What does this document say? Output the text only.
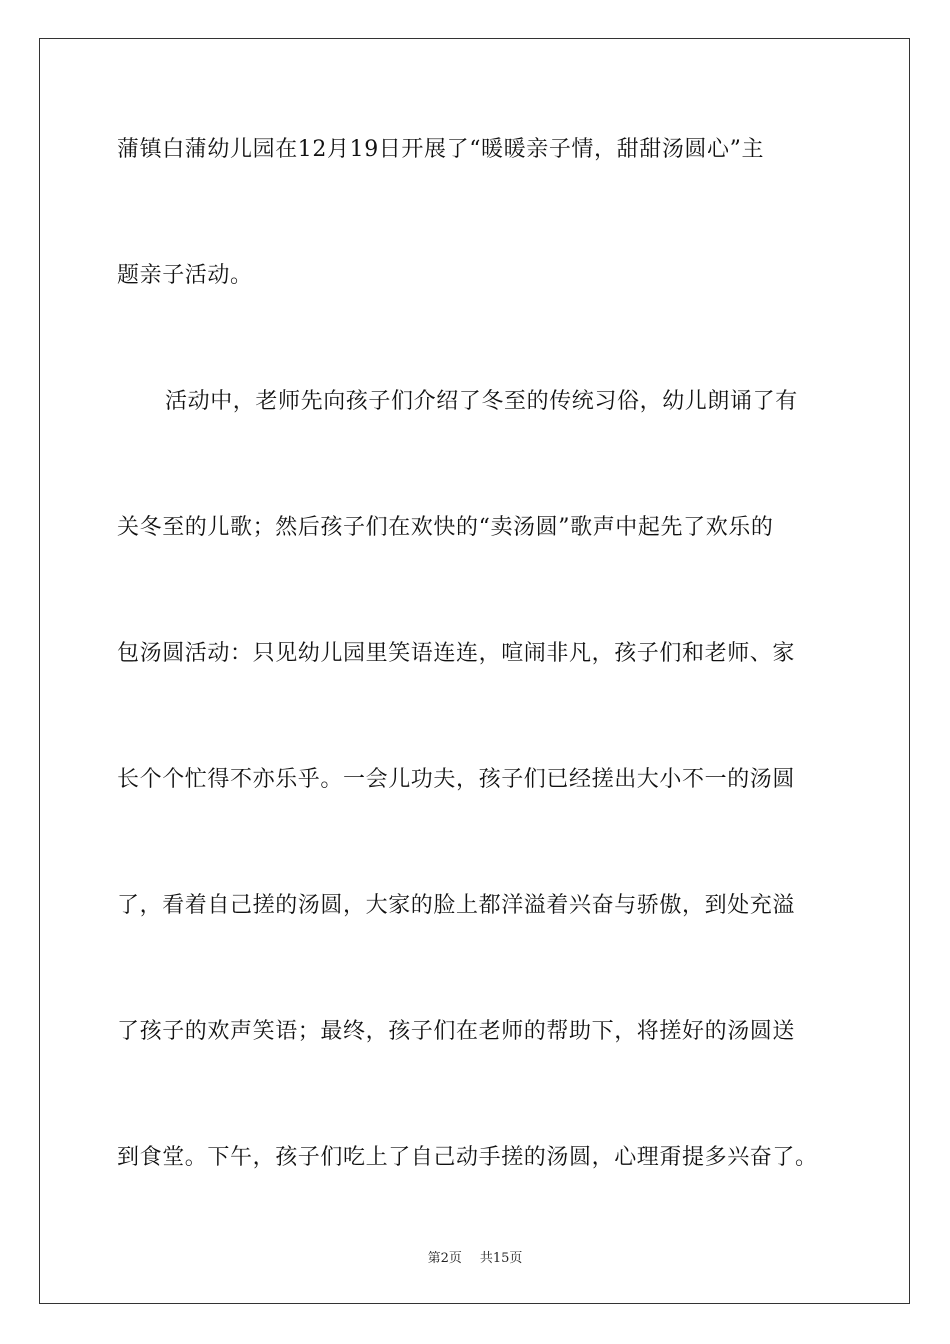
蒲镇白蒲幼儿园在12月19日开展了“暖暖亲子情，甜甜汤圆心”主
题亲子活动。
活动中，老师先向孩子们介绍了冬至的传统习俗，幼儿朗诵了有
关冬至的儿歌；然后孩子们在欢快的“卖汤圆”歌声中起先了欢乐的
包汤圆活动：只见幼儿园里笑语连连，喧闹非凡，孩子们和老师、家
长个个忙得不亦乐乎。一会儿功夫，孩子们已经搓出大小不一的汤圆
了，看着自己搓的汤圆，大家的脸上都洋溢着兴奋与骄傲，到处充溢
了孩子的欢声笑语；最终，孩子们在老师的帮助下，将搓好的汤圆送
到食堂。下午，孩子们吃上了自己动手搓的汤圆，心理甭提多兴奋了。
第2页 共15页
